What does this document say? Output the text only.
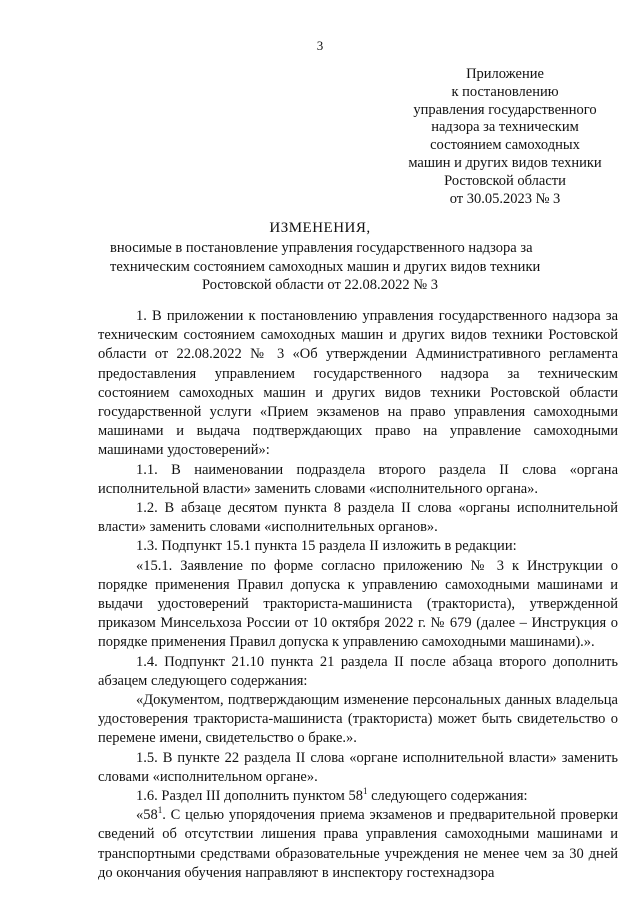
3
Приложение
к постановлению
управления государственного
надзора за техническим
состоянием самоходных
машин и других видов техники
Ростовской области
от 30.05.2023 № 3
ИЗМЕНЕНИЯ,
вносимые в постановление управления государственного надзора за
техническим состоянием самоходных машин и других видов техники
Ростовской области от 22.08.2022 № 3

1. В приложении к постановлению управления государственного надзора за техническим состоянием самоходных машин и других видов техники Ростовской области от 22.08.2022 № 3 «Об утверждении Административного регламента предоставления управлением государственного надзора за техническим состоянием самоходных машин и других видов техники Ростовской области государственной услуги «Прием экзаменов на право управления самоходными машинами и выдача подтверждающих право на управление самоходными машинами удостоверений»:

1.1. В наименовании подраздела второго раздела II слова «органа исполнительной власти» заменить словами «исполнительного органа».

1.2. В абзаце десятом пункта 8 раздела II слова «органы исполнительной власти» заменить словами «исполнительных органов».

1.3. Подпункт 15.1 пункта 15 раздела II изложить в редакции:

«15.1. Заявление по форме согласно приложению № 3 к Инструкции о порядке применения Правил допуска к управлению самоходными машинами и выдачи удостоверений тракториста-машиниста (тракториста), утвержденной приказом Минсельхоза России от 10 октября 2022 г. № 679 (далее – Инструкция о порядке применения Правил допуска к управлению самоходными машинами).».

1.4. Подпункт 21.10 пункта 21 раздела II после абзаца второго дополнить абзацем следующего содержания:

«Документом, подтверждающим изменение персональных данных владельца удостоверения тракториста-машиниста (тракториста) может быть свидетельство о перемене имени, свидетельство о браке.».

1.5. В пункте 22 раздела II слова «органе исполнительной власти» заменить словами «исполнительном органе».

1.6. Раздел III дополнить пунктом $58^1$ следующего содержания:

«$58^1$. С целью упорядочения приема экзаменов и предварительной проверки сведений об отсутствии лишения права управления самоходными машинами и транспортными средствами образовательные учреждения не менее чем за 30 дней до окончания обучения направляют в инспектору гостехнадзора
